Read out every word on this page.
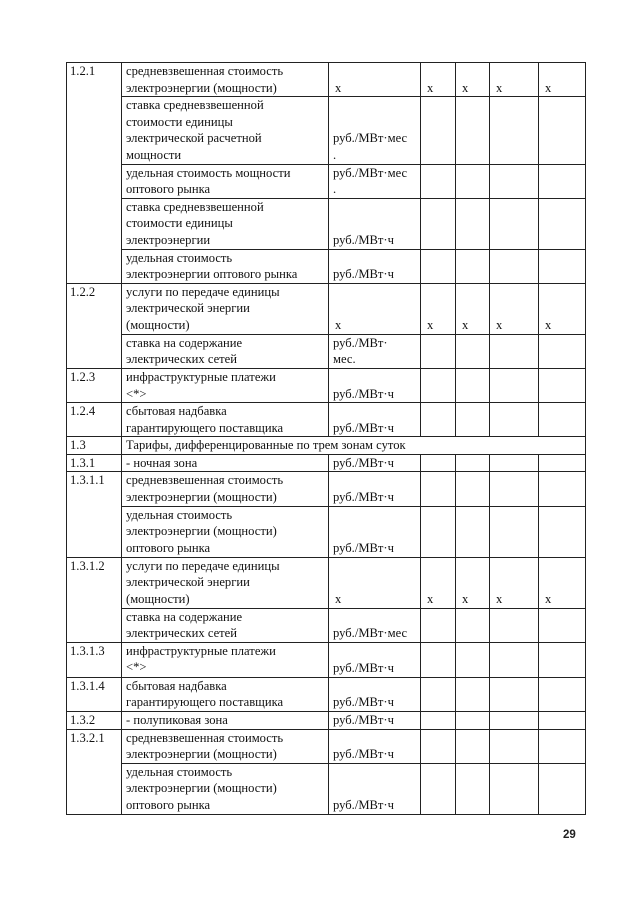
1.2.1	средневзвешенная стоимость
электроэнергии (мощности)	x	x	x	x	x
	ставка средневзвешенной
стоимости единицы
электрической расчетной
мощности	руб./МВт·мес
.				
	удельная стоимость мощности
оптового рынка	руб./МВт·мес
.				
	ставка средневзвешенной
стоимости единицы
электроэнергии	руб./МВт·ч				
	удельная стоимость
электроэнергии оптового рынка	руб./МВт·ч				
1.2.2	услуги по передаче единицы
электрической энергии
(мощности)	x	x	x	x	x
	ставка на содержание
электрических сетей	руб./МВт·
мес.				
1.2.3	инфраструктурные платежи
<*>	руб./МВт·ч				
1.2.4	сбытовая надбавка
гарантирующего поставщика	руб./МВт·ч				
1.3	Тарифы, дифференцированные по трем зонам суток					
1.3.1	- ночная зона	руб./МВт·ч				
1.3.1.1	средневзвешенная стоимость
электроэнергии (мощности)	руб./МВт·ч				
	удельная стоимость
электроэнергии (мощности)
оптового рынка	руб./МВт·ч				
1.3.1.2	услуги по передаче единицы
электрической энергии
(мощности)	x	x	x	x	x
	ставка на содержание
электрических сетей	руб./МВт·мес				
1.3.1.3	инфраструктурные платежи
<*>	руб./МВт·ч				
1.3.1.4	сбытовая надбавка
гарантирующего поставщика	руб./МВт·ч				
1.3.2	- полупиковая зона	руб./МВт·ч				
1.3.2.1	средневзвешенная стоимость
электроэнергии (мощности)	руб./МВт·ч				
	удельная стоимость
электроэнергии (мощности)
оптового рынка	руб./МВт·ч				
29
